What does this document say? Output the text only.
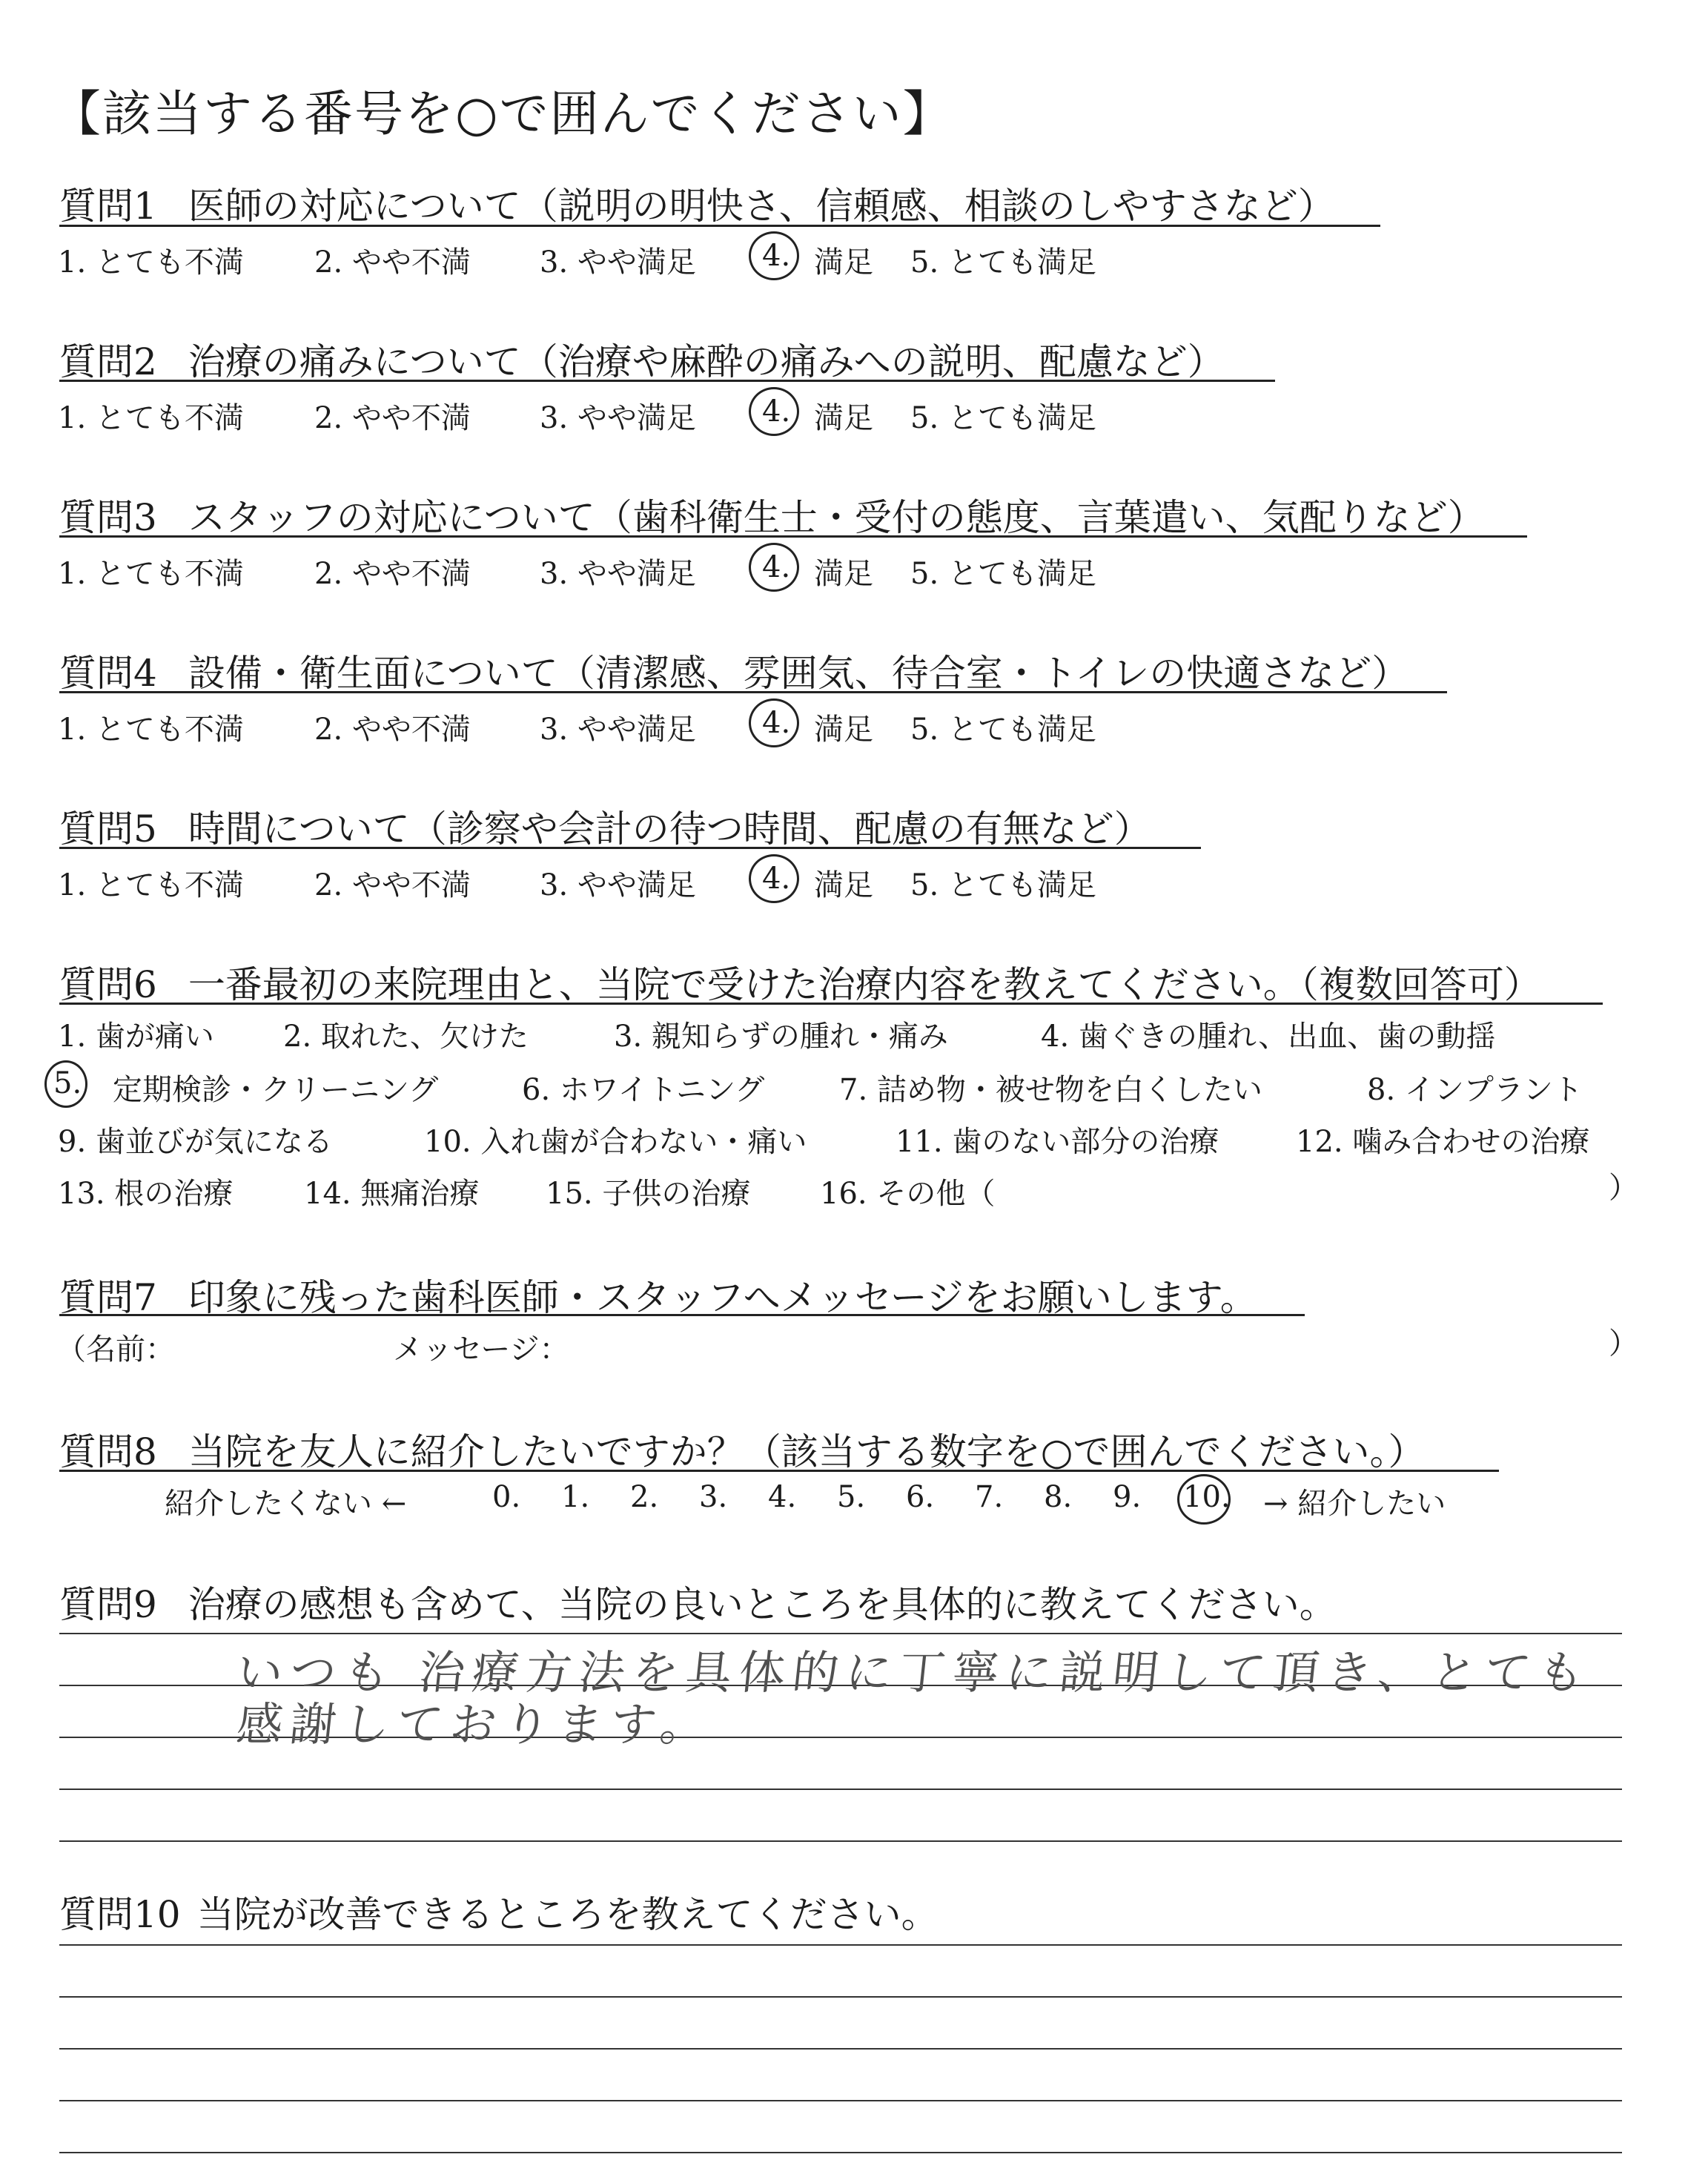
【該当する番号を○で囲んでください】
質問1 医師の対応について（説明の明快さ、信頼感、相談のしやすさなど）
1. とても不満 2. やや不満 3. やや満足 4. 満足 5. とても満足
質問2 治療の痛みについて（治療や麻酔の痛みへの説明、配慮など）
1. とても不満 2. やや不満 3. やや満足 4. 満足 5. とても満足
質問3 スタッフの対応について（歯科衛生士・受付の態度、言葉遣い、気配りなど）
1. とても不満 2. やや不満 3. やや満足 4. 満足 5. とても満足
質問4 設備・衛生面について（清潔感、雰囲気、待合室・トイレの快適さなど）
1. とても不満 2. やや不満 3. やや満足 4. 満足 5. とても満足
質問5 時間について（診察や会計の待つ時間、配慮の有無など）
1. とても不満 2. やや不満 3. やや満足 4. 満足 5. とても満足
質問6 一番最初の来院理由と、当院で受けた治療内容を教えてください。（複数回答可）
1. 歯が痛い 2. 取れた、欠けた	3. 親知らずの腫れ・痛み	4. 歯ぐきの腫れ、出血、歯の動揺
5. 定期検診・クリーニング	6. ホワイトニング	7. 詰め物・被せ物を白くしたい	8. インプラント
9. 歯並びが気になる	10. 入れ歯が合わない・痛い	11. 歯のない部分の治療	12. 噛み合わせの治療
13. 根の治療 14. 無痛治療 15. 子供の治療 16. その他（	）
質問7 印象に残った歯科医師・スタッフへメッセージをお願いします。
（名前：	メッセージ：	）
質問8 当院を友人に紹介したいですか？（該当する数字を○で囲んでください。）
紹介したくない ←	0. 1. 2. 3. 4. 5. 6. 7. 8. 9. 10. → 紹介したい
質問9 治療の感想も含めて、当院の良いところを具体的に教えてください。
いつも 治療方法を具体的に丁寧に説明して頂き、とても
感謝しております。
質問10 当院が改善できるところを教えてください。
